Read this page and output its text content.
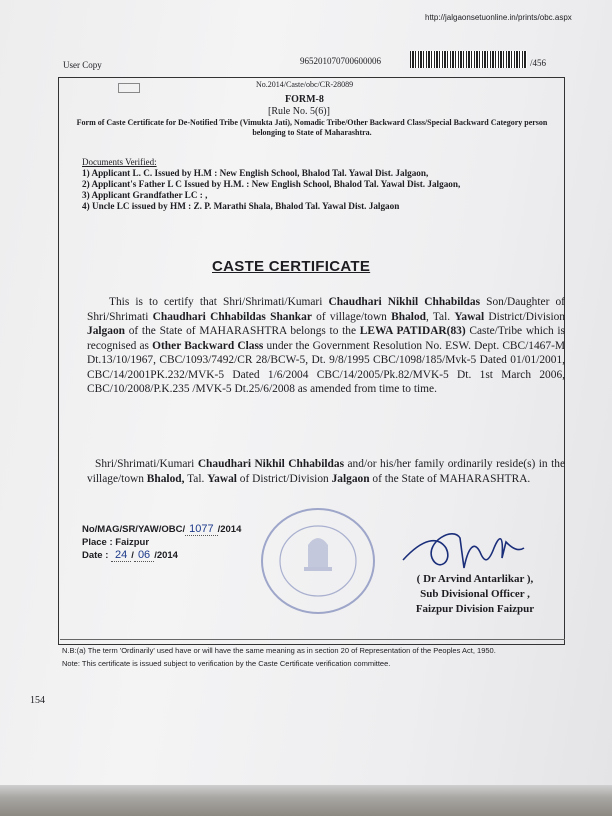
http://jalgaonsetuonline.in/prints/obc.aspx
User Copy	965201070700600006	/456
No.2014/Caste/obc/CR-28089
FORM-8
[Rule No. 5(6)]
Form of Caste Certificate for De-Notified Tribe (Vimukta Jati), Nomadic Tribe/Other Backward Class/Special Backward Category person belonging to State of Maharashtra.
Documents Verified:
1) Applicant L. C. Issued by H.M : New English School, Bhalod Tal. Yawal Dist. Jalgaon,
2) Applicant's Father L C Issued by H.M. : New English School, Bhalod Tal. Yawal Dist. Jalgaon,
3) Applicant Grandfather LC : ,
4) Uncle LC issued by HM : Z. P. Marathi Shala, Bhalod Tal. Yawal Dist. Jalgaon
CASTE CERTIFICATE

This is to certify that Shri/Shrimati/Kumari Chaudhari Nikhil Chhabildas Son/Daughter of Shri/Shrimati Chaudhari Chhabildas Shankar of village/town Bhalod, Tal. Yawal District/Division Jalgaon of the State of MAHARASHTRA belongs to the LEWA PATIDAR(83) Caste/Tribe which is recognised as Other Backward Class under the Government Resolution No. ESW. Dept. CBC/1467-M Dt.13/10/1967, CBC/1093/7492/CR 28/BCW-5, Dt. 9/8/1995 CBC/1098/185/Mvk-5 Dated 01/01/2001, CBC/14/2001PK.232/MVK-5 Dated 1/6/2004 CBC/14/2005/Pk.82/MVK-5 Dt. 1st March 2006, CBC/10/2008/P.K.235 /MVK-5 Dt.25/6/2008 as amended from time to time.

Shri/Shrimati/Kumari Chaudhari Nikhil Chhabildas and/or his/her family ordinarily reside(s) in the village/town Bhalod, Tal. Yawal of District/Division Jalgaon of the State of MAHARASHTRA.

No/MAG/SR/YAW/OBC/ 1077 /2014
Place : Faizpur
Date : 24 / 06 /2014
( Dr Arvind Antarlikar ),
Sub Divisional Officer ,
Faizpur Division Faizpur

N.B:(a) The term 'Ordinarily' used have or will have the same meaning as in section 20 of Representation of the Peoples Act, 1950.

Note: This certificate is issued subject to verification by the Caste Certificate verification committee.

154
